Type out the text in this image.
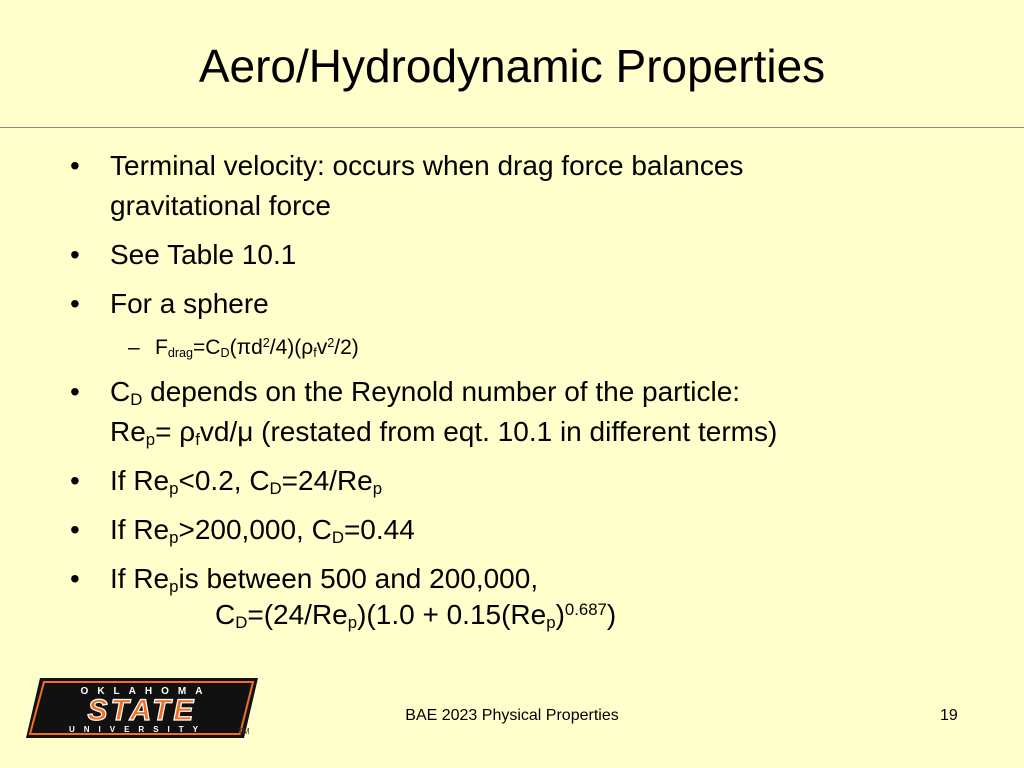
Aero/Hydrodynamic Properties
• Terminal velocity: occurs when drag force balances
gravitational force
• See Table 10.1
• For a sphere
– $F_{drag}=C_D(\pi d^2/4)(\rho_fv^2/2)$
• $C_D$ depends on the Reynold number of the particle:
$Re_p= \rho_fvd/\mu$ (restated from eqt. 10.1 in different terms)
• If $Re_p<0.2$, $C_D=24/Re_p$
• If $Re_p>200,000$, $C_D=0.44$
• If $Re_pis$ between 500 and 200,000,
$C_D=(24/Re_p)(1.0 + 0.15(Re_p)^{0.687})$
OKLAHOMA
STATE
UNIVERSITY	TM
BAE 2023 Physical Properties	19
